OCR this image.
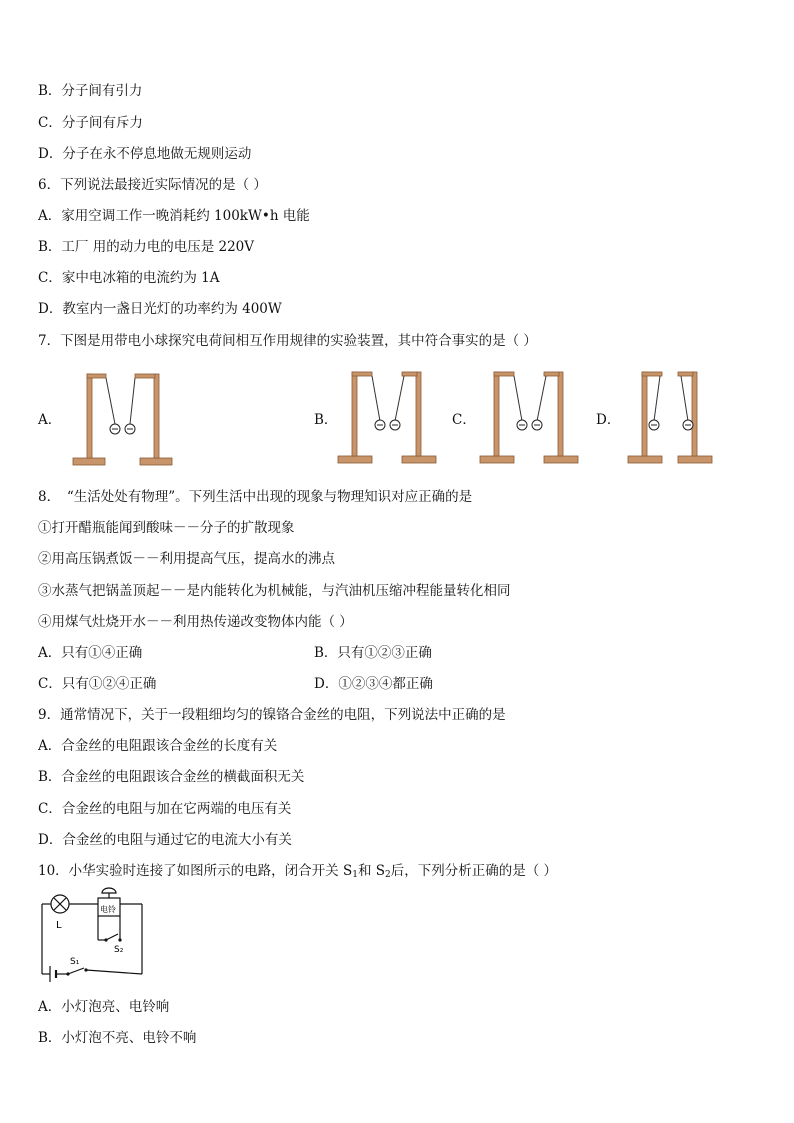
B．分子间有引力
C．分子间有斥力
D．分子在永不停息地做无规则运动
6．下列说法最接近实际情况的是（ ）
A．家用空调工作一晚消耗约 100kW•h 电能
B．工厂 用的动力电的电压是 220V
C．家中电冰箱的电流约为 1A
D．教室内一盏日光灯的功率约为 400W
7．下图是用带电小球探究电荷间相互作用规律的实验装置，其中符合事实的是（ ）
A．	B．	C．	D．
8．　“生活处处有物理”。下列生活中出现的现象与物理知识对应正确的是
①打开醋瓶能闻到酸味－－分子的扩散现象
②用高压锅煮饭－－利用提高气压，提高水的沸点
③水蒸气把锅盖顶起－－是内能转化为机械能，与汽油机压缩冲程能量转化相同
④用煤气灶烧开水－－利用热传递改变物体内能（ ）
A．只有①④正确	B．只有①②③正确
C．只有①②④正确	D．①②③④都正确
9．通常情况下，关于一段粗细均匀的镍铬合金丝的电阻，下列说法中正确的是
A．合金丝的电阻跟该合金丝的长度有关
B．合金丝的电阻跟该合金丝的横截面积无关
C．合金丝的电阻与加在它两端的电压有关
D．合金丝的电阻与通过它的电流大小有关
10．小华实验时连接了如图所示的电路，闭合开关 $S_1$和 $S_2$后，下列分析正确的是（ ）
L
电铃
S₂
S₁
A．小灯泡亮、电铃响
B．小灯泡不亮、电铃不响
